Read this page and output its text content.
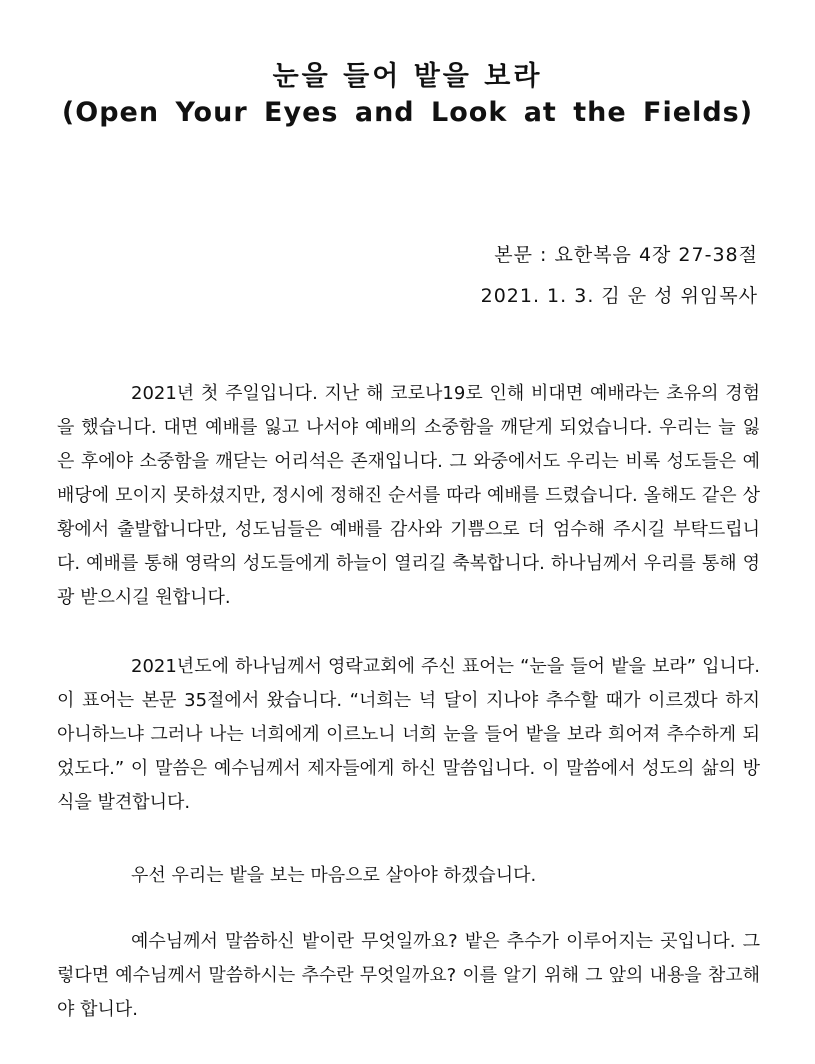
눈을 들어 밭을 보라
(Open Your Eyes and Look at the Fields)
본문 : 요한복음 4장 27-38절
2021. 1. 3. 김 운 성 위임목사
2021년 첫 주일입니다. 지난 해 코로나19로 인해 비대면 예배라는 초유의 경험을 했습니다. 대면 예배를 잃고 나서야 예배의 소중함을 깨닫게 되었습니다. 우리는 늘 잃은 후에야 소중함을 깨닫는 어리석은 존재입니다. 그 와중에서도 우리는 비록 성도들은 예배당에 모이지 못하셨지만, 정시에 정해진 순서를 따라 예배를 드렸습니다. 올해도 같은 상황에서 출발합니다만, 성도님들은 예배를 감사와 기쁨으로 더 엄수해 주시길 부탁드립니다. 예배를 통해 영락의 성도들에게 하늘이 열리길 축복합니다. 하나님께서 우리를 통해 영광 받으시길 원합니다.
2021년도에 하나님께서 영락교회에 주신 표어는 “눈을 들어 밭을 보라” 입니다. 이 표어는 본문 35절에서 왔습니다. “너희는 넉 달이 지나야 추수할 때가 이르겠다 하지 아니하느냐 그러나 나는 너희에게 이르노니 너희 눈을 들어 밭을 보라 희어져 추수하게 되었도다.” 이 말씀은 예수님께서 제자들에게 하신 말씀입니다. 이 말씀에서 성도의 삶의 방식을 발견합니다.
우선 우리는 밭을 보는 마음으로 살아야 하겠습니다.
예수님께서 말씀하신 밭이란 무엇일까요? 밭은 추수가 이루어지는 곳입니다. 그렇다면 예수님께서 말씀하시는 추수란 무엇일까요? 이를 알기 위해 그 앞의 내용을 참고해야 합니다.
